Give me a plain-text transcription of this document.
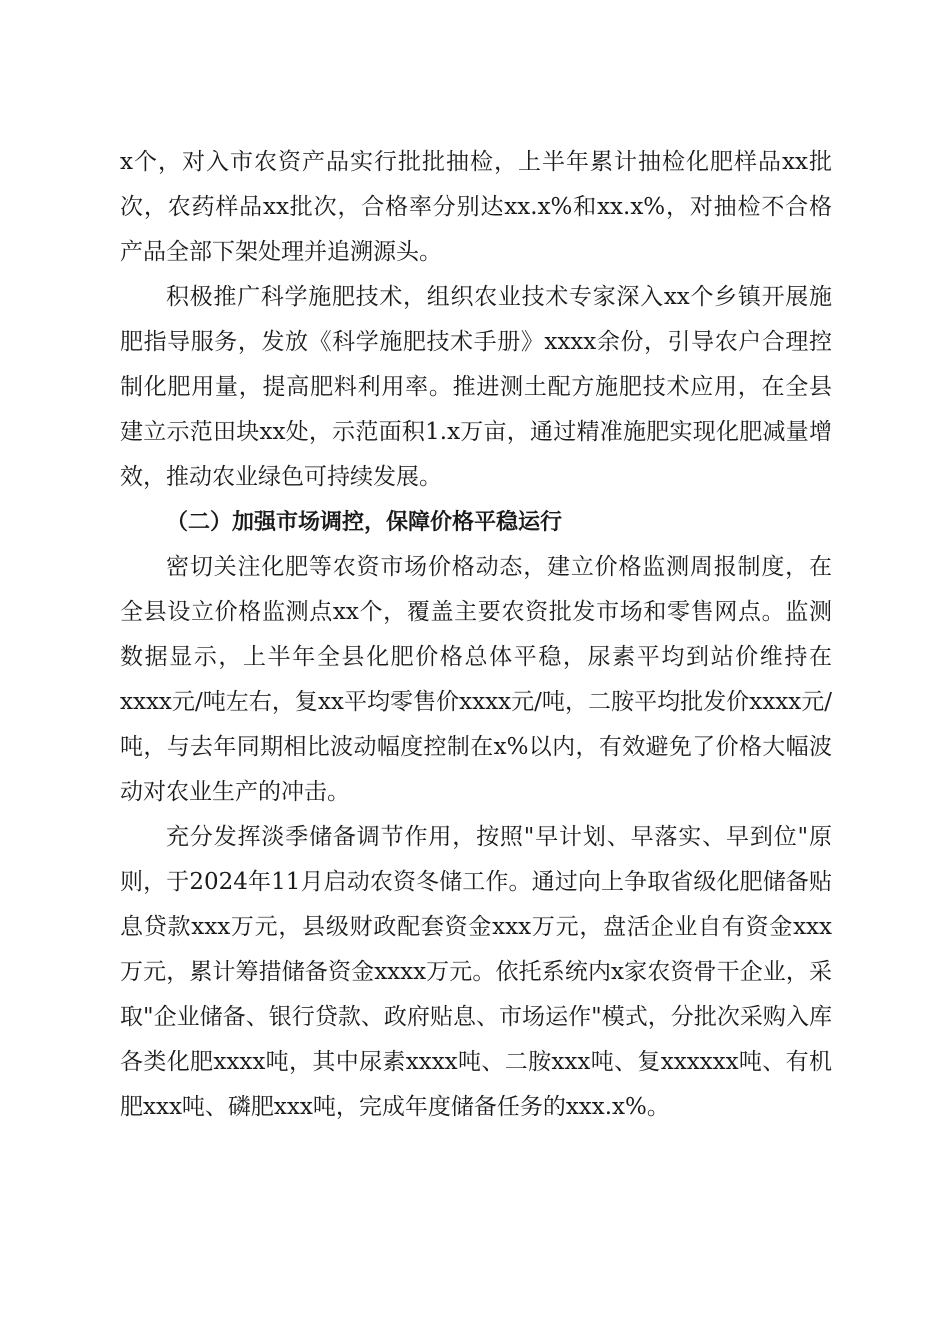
x个，对入市农资产品实行批批抽检，上半年累计抽检化肥样品xx批次，农药样品xx批次，合格率分别达xx.x%和xx.x%，对抽检不合格产品全部下架处理并追溯源头。

积极推广科学施肥技术，组织农业技术专家深入xx个乡镇开展施肥指导服务，发放《科学施肥技术手册》xxxx余份，引导农户合理控制化肥用量，提高肥料利用率。推进测土配方施肥技术应用，在全县建立示范田块xx处，示范面积1.x万亩，通过精准施肥实现化肥减量增效，推动农业绿色可持续发展。

（二）加强市场调控，保障价格平稳运行

密切关注化肥等农资市场价格动态，建立价格监测周报制度，在全县设立价格监测点xx个，覆盖主要农资批发市场和零售网点。监测数据显示，上半年全县化肥价格总体平稳，尿素平均到站价维持在xxxx元/吨左右，复xx平均零售价xxxx元/吨，二胺平均批发价xxxx元/吨，与去年同期相比波动幅度控制在x%以内，有效避免了价格大幅波动对农业生产的冲击。

充分发挥淡季储备调节作用，按照"早计划、早落实、早到位"原则，于2024年11月启动农资冬储工作。通过向上争取省级化肥储备贴息贷款xxx万元，县级财政配套资金xxx万元，盘活企业自有资金xxx万元，累计筹措储备资金xxxx万元。依托系统内x家农资骨干企业，采取"企业储备、银行贷款、政府贴息、市场运作"模式，分批次采购入库各类化肥xxxx吨，其中尿素xxxx吨、二胺xxx吨、复xxxxxx吨、有机肥xxx吨、磷肥xxx吨，完成年度储备任务的xxx.x%。
